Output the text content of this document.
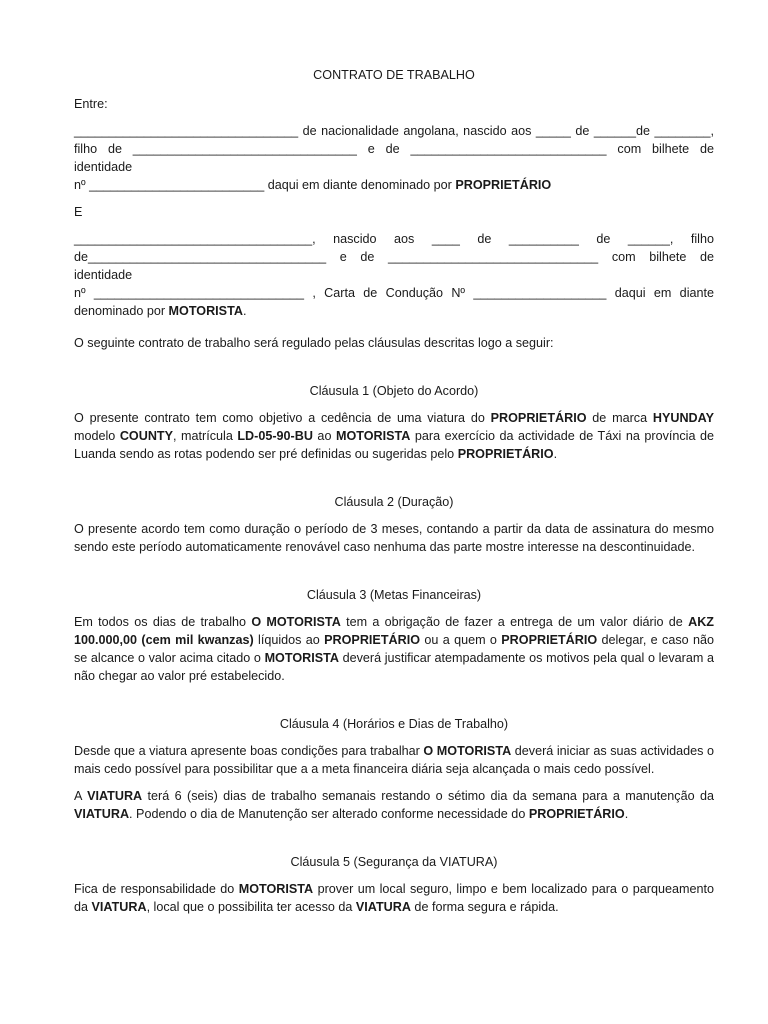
CONTRATO DE TRABALHO

Entre:

________________________________ de nacionalidade angolana, nascido aos _____ de ______de ________,
filho de ________________________________ e de ____________________________ com bilhete de identidade
nº _________________________ daqui em diante denominado por PROPRIETÁRIO

E

__________________________________, nascido aos ____ de __________ de ______, filho
de__________________________________ e de ______________________________ com bilhete de identidade
nº ______________________________ , Carta de Condução Nº ___________________ daqui em diante
denominado por MOTORISTA.

O seguinte contrato de trabalho será regulado pelas cláusulas descritas logo a seguir:

Cláusula 1 (Objeto do Acordo)

O presente contrato tem como objetivo a cedência de uma viatura do PROPRIETÁRIO de marca HYUNDAY modelo COUNTY, matrícula LD-05-90-BU ao MOTORISTA para exercício da actividade de Táxi na província de Luanda sendo as rotas podendo ser pré definidas ou sugeridas pelo PROPRIETÁRIO.

Cláusula 2 (Duração)

O presente acordo tem como duração o período de 3 meses, contando a partir da data de assinatura do mesmo sendo este período automaticamente renovável caso nenhuma das parte mostre interesse na descontinuidade.

Cláusula 3 (Metas Financeiras)

Em todos os dias de trabalho O MOTORISTA tem a obrigação de fazer a entrega de um valor diário de AKZ 100.000,00 (cem mil kwanzas) líquidos ao PROPRIETÁRIO ou a quem o PROPRIETÁRIO delegar, e caso não se alcance o valor acima citado o MOTORISTA deverá justificar atempadamente os motivos pela qual o levaram a não chegar ao valor pré estabelecido.

Cláusula 4 (Horários e Dias de Trabalho)

Desde que a viatura apresente boas condições para trabalhar O MOTORISTA deverá iniciar as suas actividades o mais cedo possível para possibilitar que a a meta financeira diária seja alcançada o mais cedo possível.

A VIATURA terá 6 (seis) dias de trabalho semanais restando o sétimo dia da semana para a manutenção da VIATURA. Podendo o dia de Manutenção ser alterado conforme necessidade do PROPRIETÁRIO.

Cláusula 5 (Segurança da VIATURA)

Fica de responsabilidade do MOTORISTA prover um local seguro, limpo e bem localizado para o parqueamento da VIATURA, local que o possibilita ter acesso da VIATURA de forma segura e rápida.
